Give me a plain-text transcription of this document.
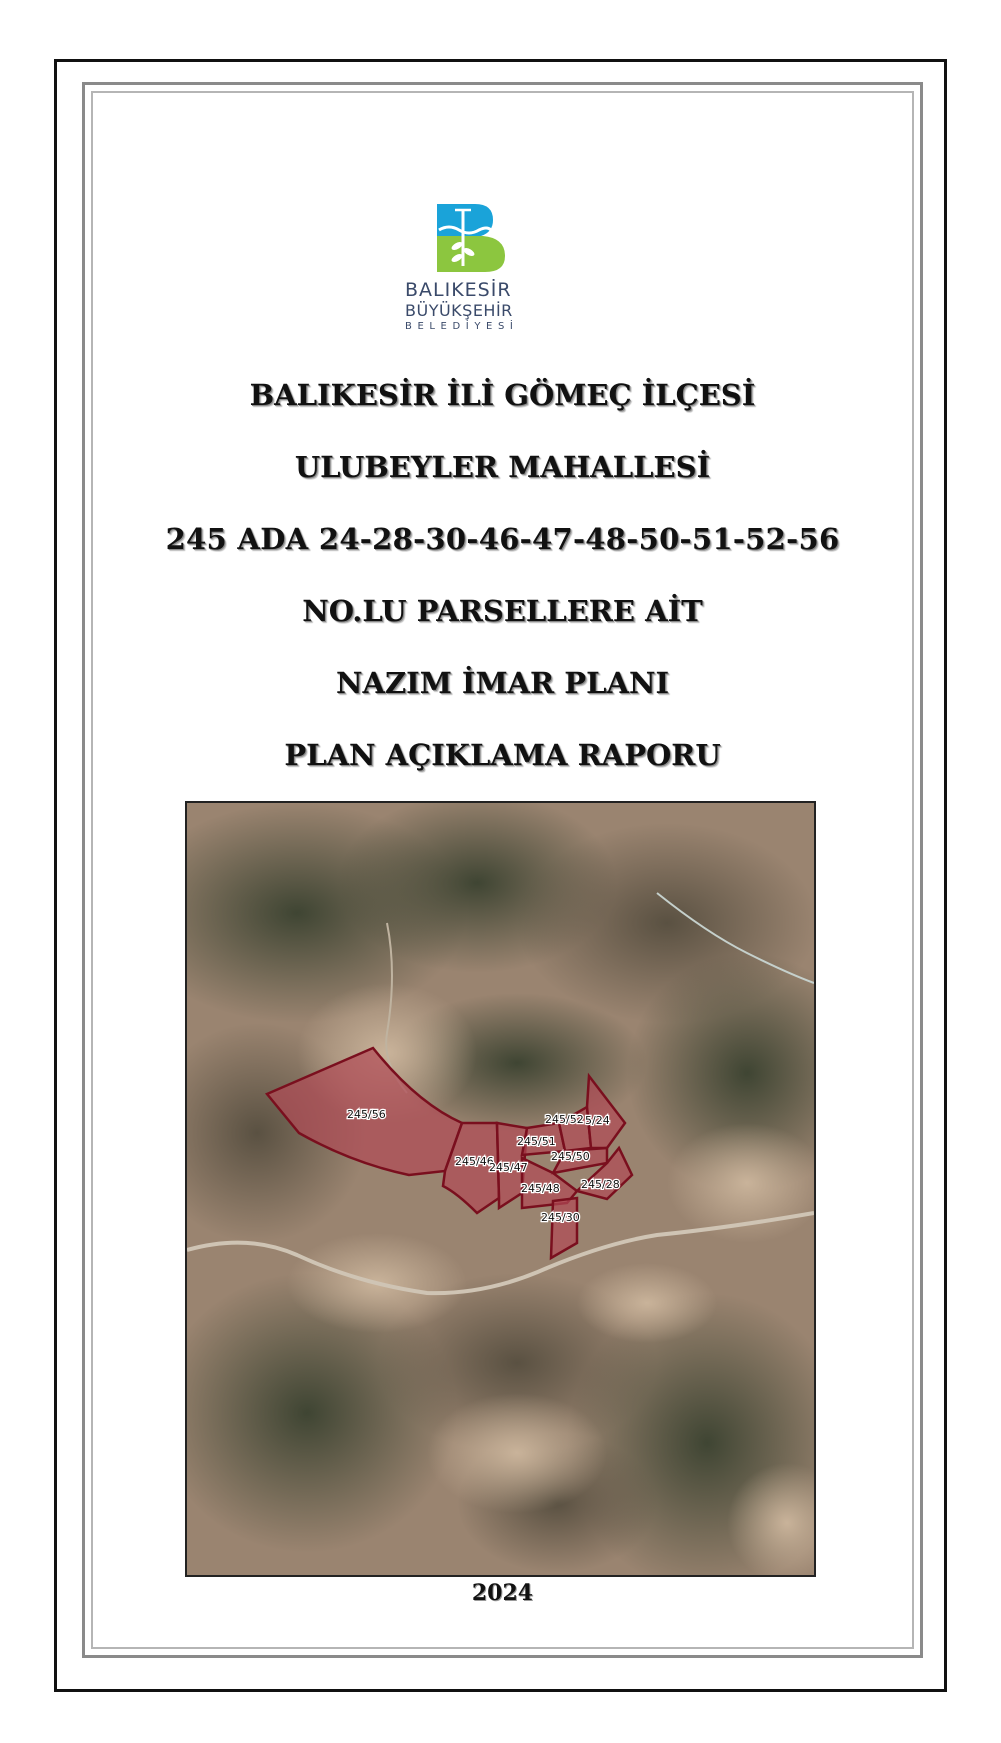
BALIKESİR
BÜYÜKŞEHİR
BELEDİYESİ
BALIKESİR İLİ GÖMEÇ İLÇESİ
ULUBEYLER MAHALLESİ
245 ADA 24-28-30-46-47-48-50-51-52-56
NO.LU PARSELLERE AİT
NAZIM İMAR PLANI
PLAN AÇIKLAMA RAPORU
245/56
245/46
245/47
245/51
245/52 5/24
245/50
245/48 245/28
245/30
2024
